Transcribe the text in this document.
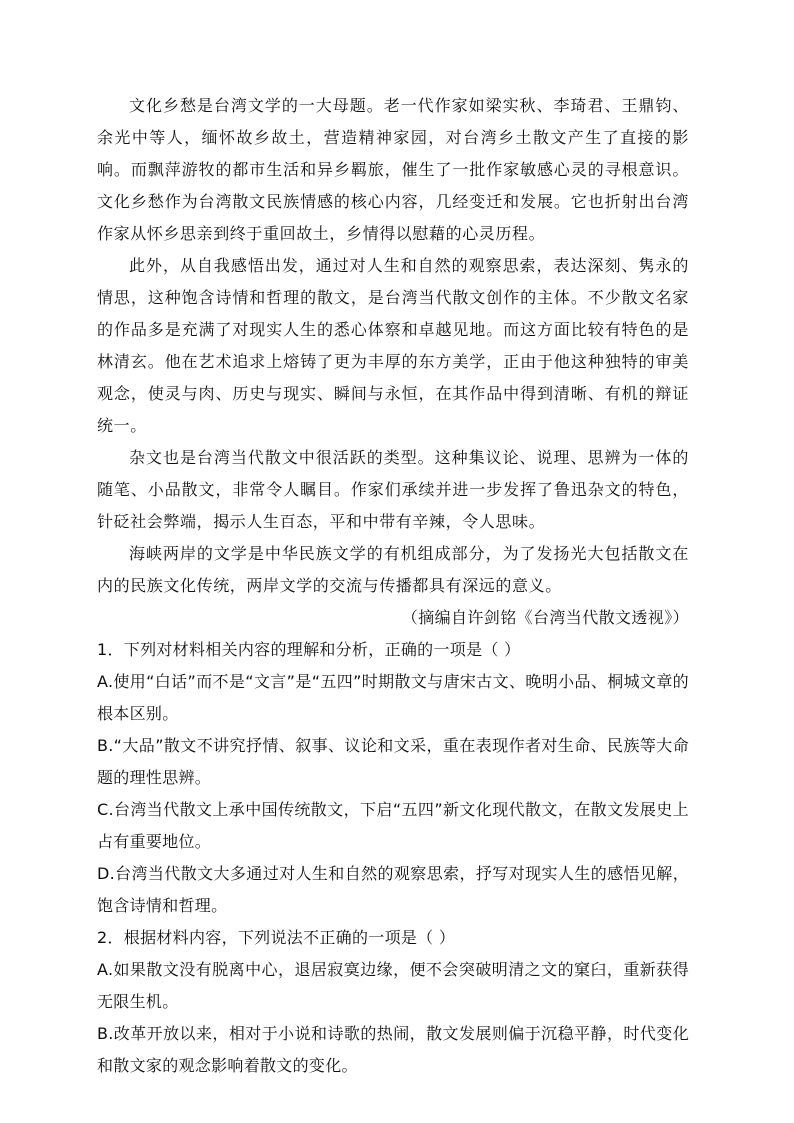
文化乡愁是台湾文学的一大母题。老一代作家如梁实秋、李琦君、王鼎钧、余光中等人，缅怀故乡故土，营造精神家园，对台湾乡土散文产生了直接的影响。而飘萍游牧的都市生活和异乡羁旅，催生了一批作家敏感心灵的寻根意识。文化乡愁作为台湾散文民族情感的核心内容，几经变迁和发展。它也折射出台湾作家从怀乡思亲到终于重回故土，乡情得以慰藉的心灵历程。

此外，从自我感悟出发，通过对人生和自然的观察思索，表达深刻、隽永的情思，这种饱含诗情和哲理的散文，是台湾当代散文创作的主体。不少散文名家的作品多是充满了对现实人生的悉心体察和卓越见地。而这方面比较有特色的是林清玄。他在艺术追求上熔铸了更为丰厚的东方美学，正由于他这种独特的审美观念，使灵与肉、历史与现实、瞬间与永恒，在其作品中得到清晰、有机的辩证统一。

杂文也是台湾当代散文中很活跃的类型。这种集议论、说理、思辨为一体的随笔、小品散文，非常令人瞩目。作家们承续并进一步发挥了鲁迅杂文的特色，针砭社会弊端，揭示人生百态，平和中带有辛辣，令人思味。

海峡两岸的文学是中华民族文学的有机组成部分，为了发扬光大包括散文在内的民族文化传统，两岸文学的交流与传播都具有深远的意义。

（摘编自许剑铭《台湾当代散文透视》）

1．下列对材料相关内容的理解和分析，正确的一项是（ ）

A.使用“白话”而不是“文言”是“五四”时期散文与唐宋古文、晚明小品、桐城文章的根本区别。

B.“大品”散文不讲究抒情、叙事、议论和文采，重在表现作者对生命、民族等大命题的理性思辨。

C.台湾当代散文上承中国传统散文，下启“五四”新文化现代散文，在散文发展史上占有重要地位。

D.台湾当代散文大多通过对人生和自然的观察思索，抒写对现实人生的感悟见解，饱含诗情和哲理。

2．根据材料内容，下列说法不正确的一项是（ ）

A.如果散文没有脱离中心，退居寂寞边缘，便不会突破明清之文的窠臼，重新获得无限生机。

B.改革开放以来，相对于小说和诗歌的热闹，散文发展则偏于沉稳平静，时代变化和散文家的观念影响着散文的变化。
